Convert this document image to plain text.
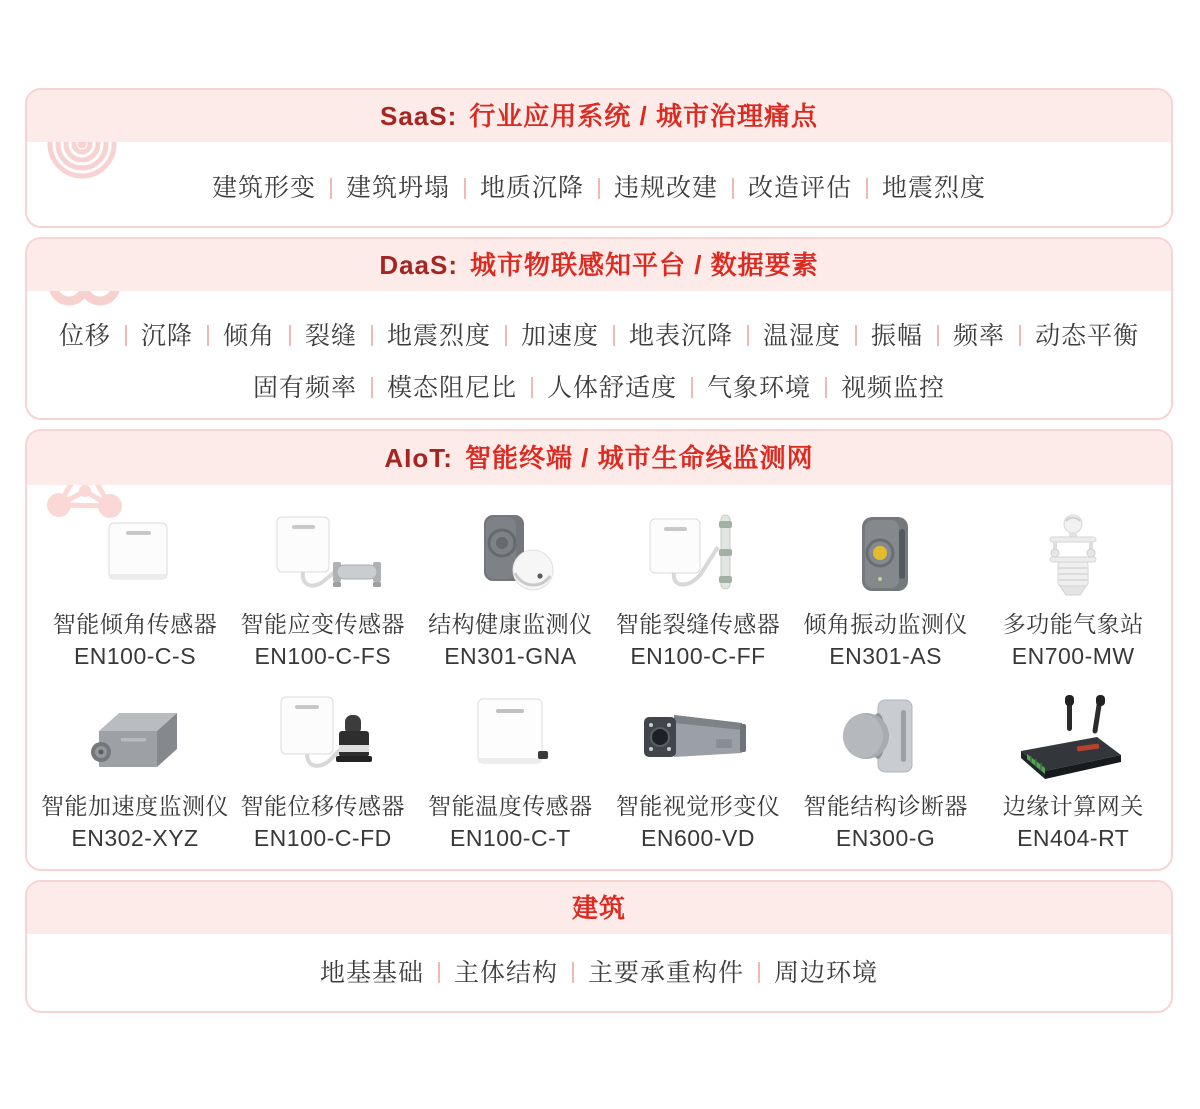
SaaS: 行业应用系统 / 城市治理痛点
建筑形变	建筑坍塌	地质沉降	违规改建	改造评估	地震烈度
DaaS: 城市物联感知平台 / 数据要素
位移	沉降	倾角	裂缝	地震烈度	加速度	地表沉降	温湿度	振幅	频率	动态平衡
固有频率	模态阻尼比	人体舒适度	气象环境	视频监控
AIoT: 智能终端 / 城市生命线监测网
智能倾角传感器
EN100-C-S
智能应变传感器
EN100-C-FS
结构健康监测仪
EN301-GNA
智能裂缝传感器
EN100-C-FF
倾角振动监测仪
EN301-AS
多功能气象站
EN700-MW
智能加速度监测仪
EN302-XYZ
智能位移传感器
EN100-C-FD
智能温度传感器
EN100-C-T
智能视觉形变仪
EN600-VD
智能结构诊断器
EN300-G
边缘计算网关
EN404-RT
建筑
地基基础	主体结构	主要承重构件	周边环境
